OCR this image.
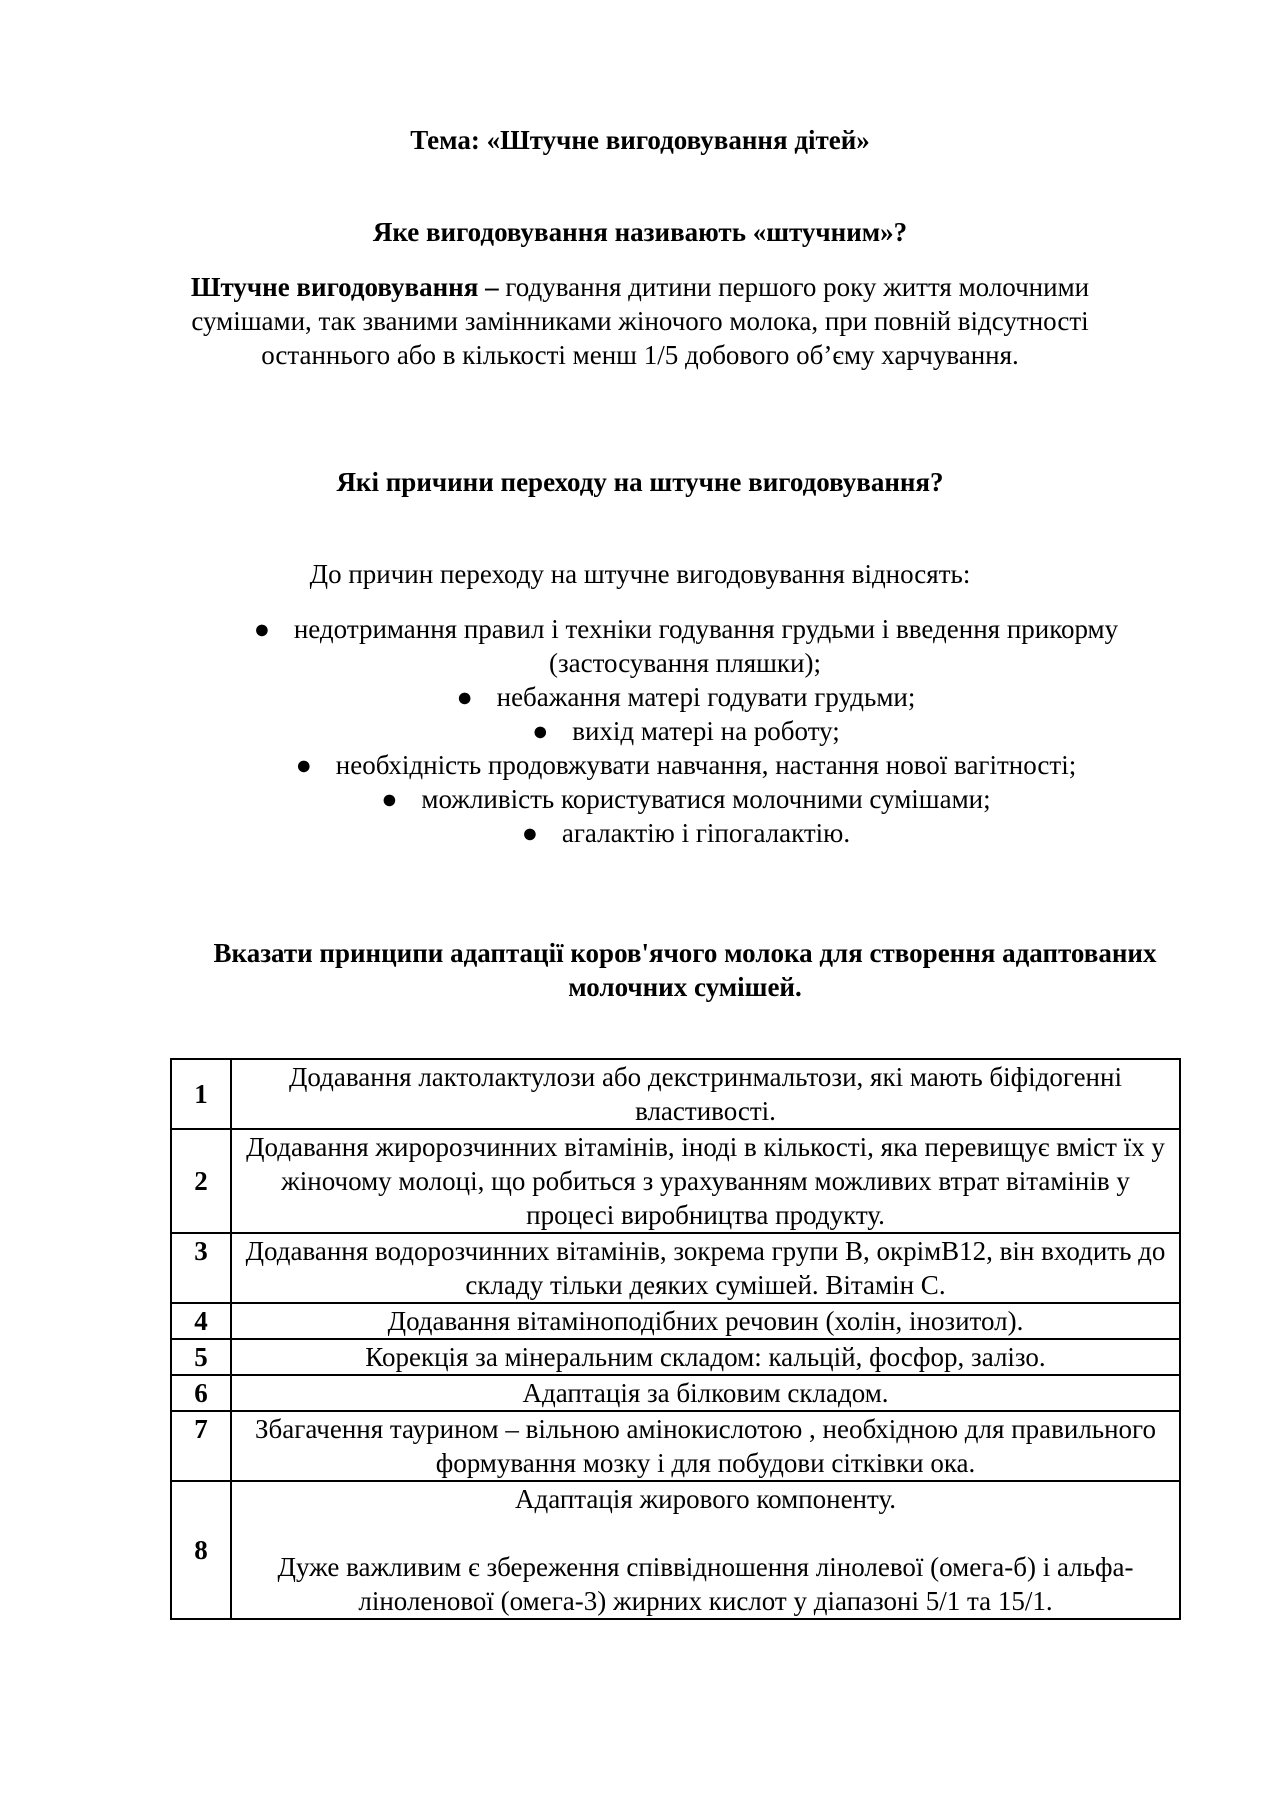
Тема: «Штучне вигодовування дітей»
Яке вигодовування називають «штучним»?
Штучне вигодовування – годування дитини першого року життя молочними сумішами, так званими замінниками жіночого молока, при повній відсутності останнього або в кількості менш 1/5 добового об’єму харчування.
Які причини переходу на штучне вигодовування?
До причин переходу на штучне вигодовування відносять:
● недотримання правил і техніки годування грудьми і введення прикорму (застосування пляшки);
● небажання матері годувати грудьми;
● вихід матері на роботу;
● необхідність продовжувати навчання, настання нової вагітності;
● можливість користуватися молочними сумішами;
● агалактію і гіпогалактію.
Вказати принципи адаптації коров'ячого молока для створення адаптованих молочних сумішей.
1	Додавання лактолактулози або декстринмальтози, які мають біфідогенні властивості.
2	Додавання жиророзчинних вітамінів, іноді в кількості, яка перевищує вміст їх у жіночому молоці, що робиться з урахуванням можливих втрат вітамінів у процесі виробництва продукту.
3	Додавання водорозчинних вітамінів, зокрема групи В, окрімВ12, він входить до складу тільки деяких сумішей. Вітамін С.
4	Додавання вітаміноподібних речовин (холін, інозитол).
5	Корекція за мінеральним складом: кальцій, фосфор, залізо.
6	Адаптація за білковим складом.
7	Збагачення таурином – вільною амінокислотою , необхідною для правильного формування мозку і для побудови сітківки ока.
8	Адаптація жирового компоненту.
Дуже важливим є збереження співвідношення лінолевої (омега-б) і альфа-ліноленової (омега-3) жирних кислот у діапазоні 5/1 та 15/1.
